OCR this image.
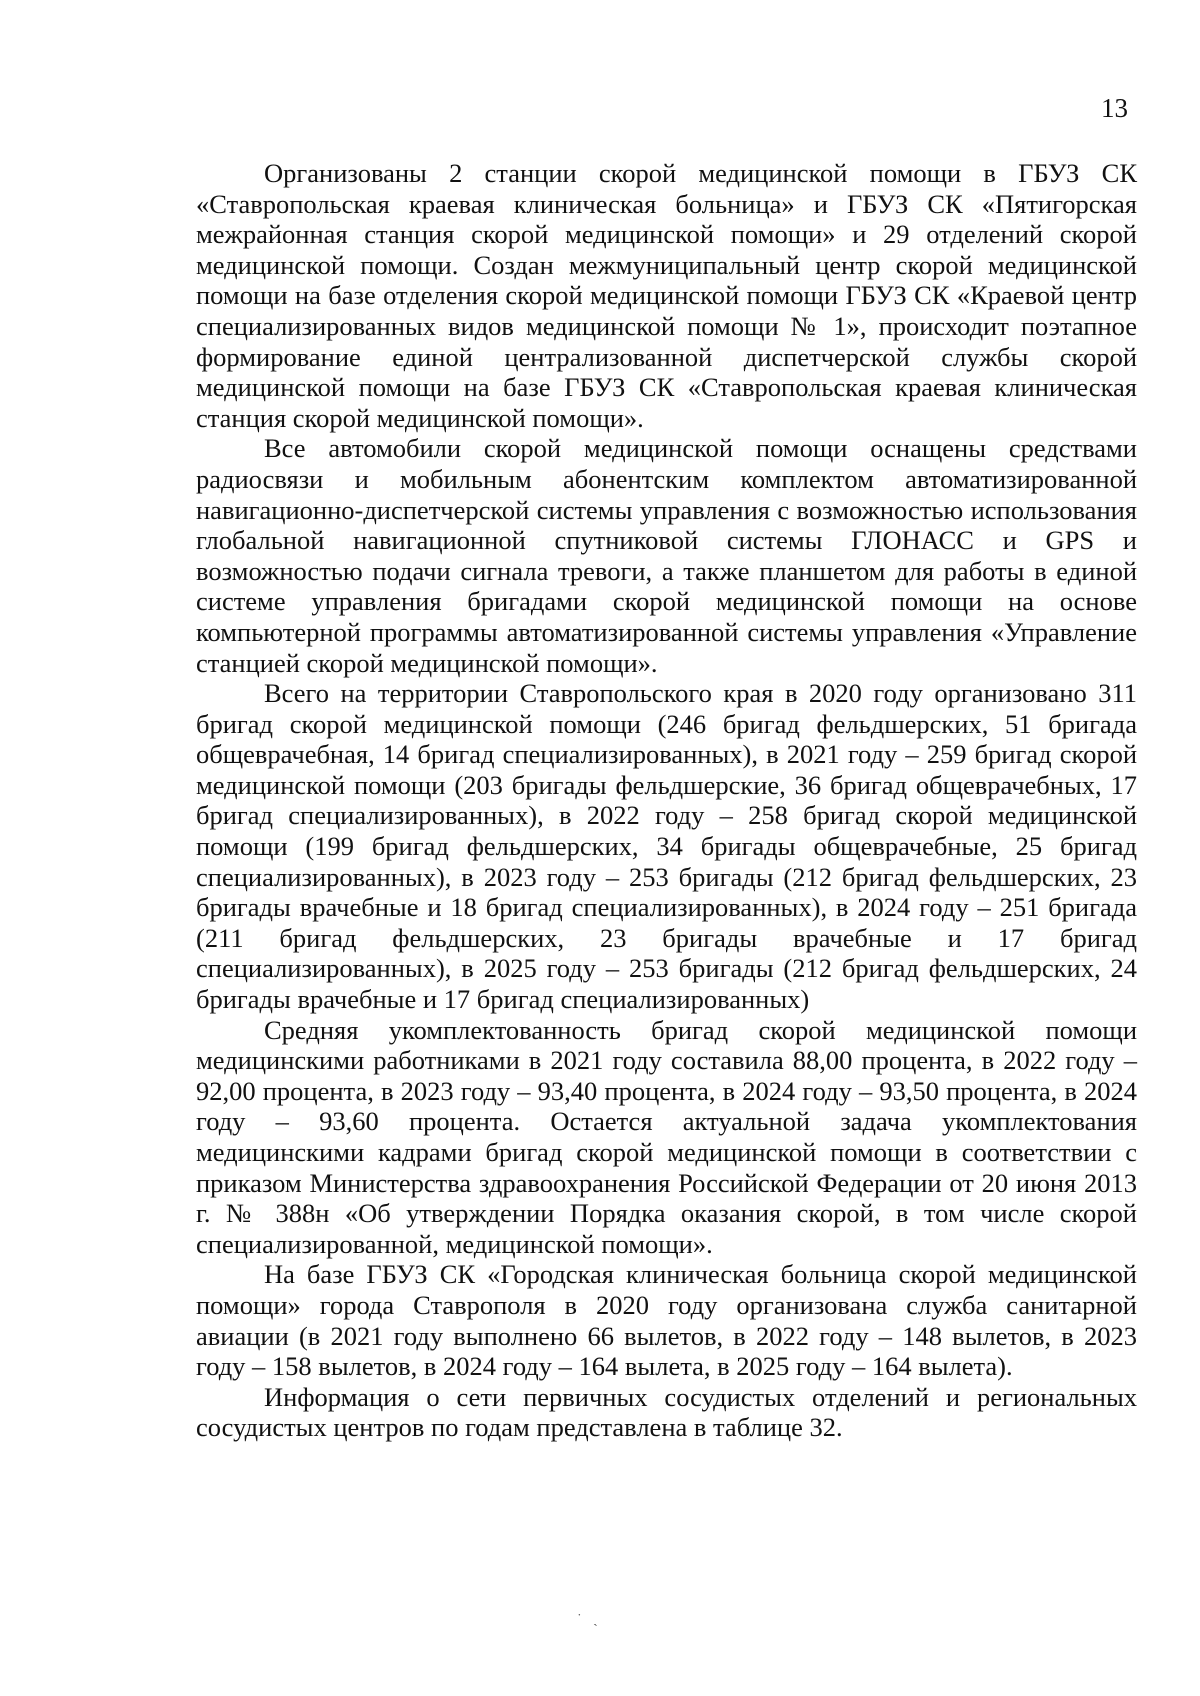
13

Организованы 2 станции скорой медицинской помощи в ГБУЗ СК «Ставропольская краевая клиническая больница» и ГБУЗ СК «Пятигорская межрайонная станция скорой медицинской помощи» и 29 отделений скорой медицинской помощи. Создан межмуниципальный центр скорой медицинской помощи на базе отделения скорой медицинской помощи ГБУЗ СК «Краевой центр специализированных видов медицинской помощи № 1», происходит поэтапное формирование единой централизованной диспетчерской службы скорой медицинской помощи на базе ГБУЗ СК «Ставропольская краевая клиническая станция скорой медицинской помощи».

Все автомобили скорой медицинской помощи оснащены средствами радиосвязи и мобильным абонентским комплектом автоматизированной навигационно-диспетчерской системы управления с возможностью использования глобальной навигационной спутниковой системы ГЛОНАСС и GPS и возможностью подачи сигнала тревоги, а также планшетом для работы в единой системе управления бригадами скорой медицинской помощи на основе компьютерной программы автоматизированной системы управления «Управление станцией скорой медицинской помощи».

Всего на территории Ставропольского края в 2020 году организовано 311 бригад скорой медицинской помощи (246 бригад фельдшерских, 51 бригада общеврачебная, 14 бригад специализированных), в 2021 году – 259 бригад скорой медицинской помощи (203 бригады фельдшерские, 36 бригад общеврачебных, 17 бригад специализированных), в 2022 году – 258 бригад скорой медицинской помощи (199 бригад фельдшерских, 34 бригады общеврачебные, 25 бригад специализированных), в 2023 году – 253 бригады (212 бригад фельдшерских, 23 бригады врачебные и 18 бригад специализированных), в 2024 году – 251 бригада (211 бригад фельдшерских, 23 бригады врачебные и 17 бригад специализированных), в 2025 году – 253 бригады (212 бригад фельдшерских, 24 бригады врачебные и 17 бригад специализированных)

Средняя укомплектованность бригад скорой медицинской помощи медицинскими работниками в 2021 году составила 88,00 процента, в 2022 году – 92,00 процента, в 2023 году – 93,40 процента, в 2024 году – 93,50 процента, в 2024 году – 93,60 процента. Остается актуальной задача укомплектования медицинскими кадрами бригад скорой медицинской помощи в соответствии с приказом Министерства здравоохранения Российской Федерации от 20 июня 2013 г. № 388н «Об утверждении Порядка оказания скорой, в том числе скорой специализированной, медицинской помощи».

На базе ГБУЗ СК «Городская клиническая больница скорой медицинской помощи» города Ставрополя в 2020 году организована служба санитарной авиации (в 2021 году выполнено 66 вылетов, в 2022 году – 148 вылетов, в 2023 году – 158 вылетов, в 2024 году – 164 вылета, в 2025 году – 164 вылета).

Информация о сети первичных сосудистых отделений и региональных сосудистых центров по годам представлена в таблице 32.

˙ ˎ
